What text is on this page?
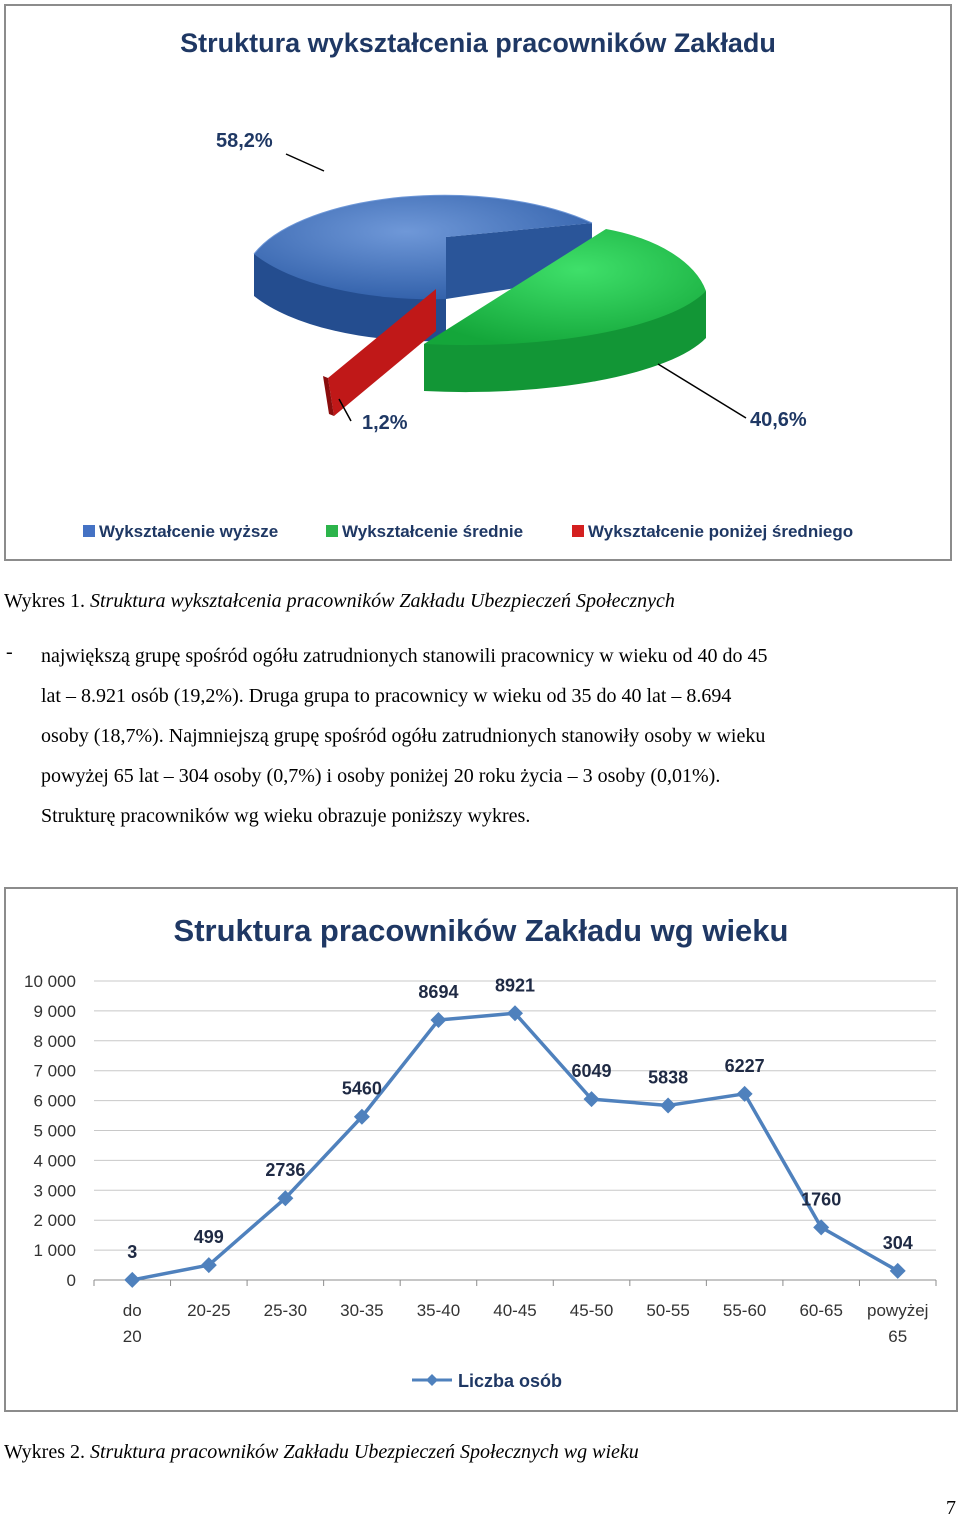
Struktura wykształcenia pracowników Zakładu
58,2%
1,2%	40,6%
Wykształcenie wyższe	Wykształcenie średnie	Wykształcenie poniżej średniego
Wykres 1. Struktura wykształcenia pracowników Zakładu Ubezpieczeń Społecznych
- największą grupę spośród ogółu zatrudnionych stanowili pracownicy w wieku od 40 do 45
lat – 8.921 osób (19,2%). Druga grupa to pracownicy w wieku od 35 do 40 lat – 8.694
osoby (18,7%). Najmniejszą grupę spośród ogółu zatrudnionych stanowiły osoby w wieku
powyżej 65 lat – 304 osoby (0,7%) i osoby poniżej 20 roku życia – 3 osoby (0,01%).
Strukturę pracowników wg wieku obrazuje poniższy wykres.
Struktura pracowników Zakładu wg wieku
0
1 000
2 000
3 000
4 000
5 000
6 000
7 000
8 000
9 000
10 000
do
20
20-25 25-30 30-35 35-40 40-45 45-50 50-55 55-60 60-65 powyżej
65
3
499
2736
5460
8694 8921
6049 5838
6227
1760
304
Liczba osób
Wykres 2. Struktura pracowników Zakładu Ubezpieczeń Społecznych wg wieku
7
